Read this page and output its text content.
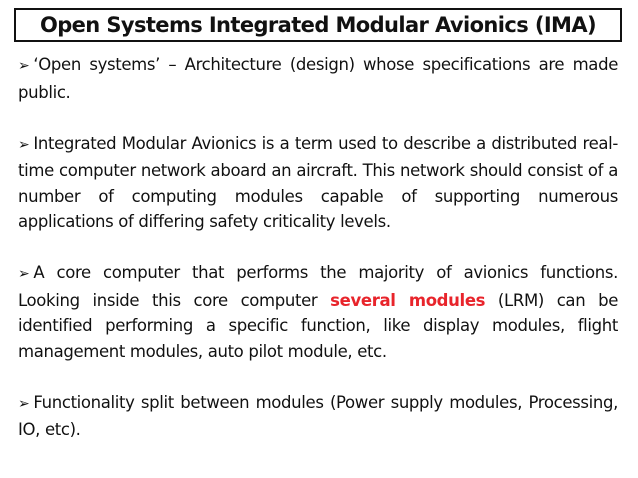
Open Systems Integrated Modular Avionics (IMA)

➢ ‘Open systems’ – Architecture (design) whose specifications are made public.

➢ Integrated Modular Avionics is a term used to describe a distributed real-time computer network aboard an aircraft. This network should consist of a number of computing modules capable of supporting numerous applications of differing safety criticality levels.

➢ A core computer that performs the majority of avionics functions. Looking inside this core computer several modules (LRM) can be identified performing a specific function, like display modules, flight management modules, auto pilot module, etc.

➢ Functionality split between modules (Power supply modules, Processing, IO, etc).
